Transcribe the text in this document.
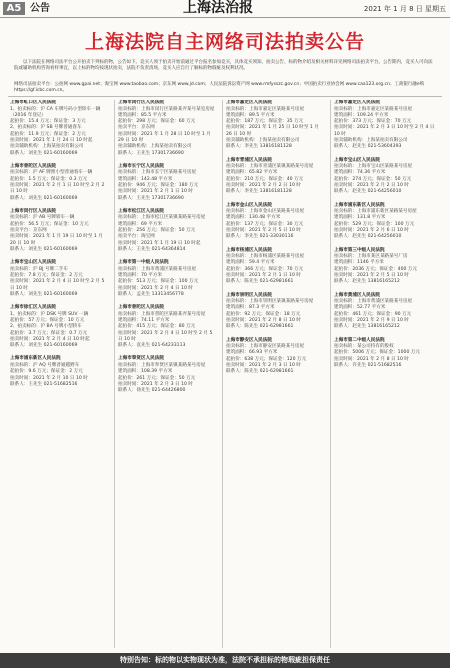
A5 公告	上海法治报	2021 年 1 月 8 日 星期五
上海法院自主网络司法拍卖公告
以下法院在网络司法平台公开拍卖下列标的物，公告如下。竞买人须于拍卖开始前通过平台报名参加竞买，具体竞买须知、拍卖公告、标的物介绍及相关材料详见网络司法拍卖平台。公告期内，竞买人可向法院或辅助机构咨询看样事宜，以上标的物均按现状拍卖，法院不负责清场，竞买人应自行了解标的物瑕疵及权利状况。
网络司法拍卖平台：公拍网 www.gpai.net；淘宝网 www.taobao.com；京东网 www.jd.com；人民法院诉讼资产网 www.rmfysszc.gov.cn；中国拍卖行业协会网 www.caa123.org.cn；工商银行融e购 https://gf.icbc.com.cn。
上海市虹口区人民法院
1、拍卖标的：沪 CA 车牌号码小型轿车一辆（2016 年登记）
起拍价：15.4 万元；保证金：3 万元
2、拍卖标的：沪 SB 号牌普通客车
起拍价：11.9 万元；保证金：2 万元
拍卖时间：2021 年 1 月 24 日 10 时起
拍卖辅助机构：上海某拍卖有限公司
联系人：刘先生 021-60160069
上海市普陀区人民法院
拍卖标的：沪 AF 牌照小型普通客车一辆
起拍价：1.5 万元；保证金：0.3 万元
拍卖时间：2021 年 2 月 1 日 10 时至 2 月 2 日 10 时
联系人：刘先生 021-60160069
上海市闵行区人民法院
拍卖标的：沪 AB 号牌轿车一辆
起拍价：56.5 万元；保证金：10 万元
拍卖平台：京东网
拍卖时间：2021 年 1 月 19 日 10 时至 1 月 20 日 10 时
联系人：刘先生 021-60160069
上海市宝山区人民法院
拍卖标的：沪 BJ 号牌二手车
起拍价：7.8 万元；保证金：2 万元
拍卖时间：2021 年 2 月 4 日 10 时至 2 月 5 日 10 时
联系人：刘先生 021-60160069
上海市徐汇区人民法院
1、拍卖标的：沪 DSK 号牌 SUV 一辆
起拍价：57 万元；保证金：10 万元
2、拍卖标的：沪 BA 号牌小型轿车
起拍价：3.7 万元；保证金：0.7 万元
拍卖时间：2021 年 2 月 4 日 10 时起
联系人：刘先生 021-60160069
上海市浦东新区人民法院
拍卖标的：沪 AQ 号牌普通越野车
起拍价：9.6 万元；保证金：2 万元
拍卖时间：2021 年 2 月 10 日 10 时
联系人：王先生 021-51682516
上海市闵行区人民法院
拍卖标的：上海市闵行区某路某弄某号某室房屋
建筑面积：85.5 平方米
起拍价：298 万元；保证金：60 万元
拍卖平台：京东网
拍卖时间：2021 年 1 月 28 日 10 时至 1 月 29 日 10 时
拍卖辅助机构：上海某拍卖有限公司
联系人：王先生 17301736690
上海市长宁区人民法院
拍卖标的：上海市长宁区某路某号房屋
建筑面积：142.48 平方米
起拍价：946 万元；保证金：180 万元
拍卖时间：2021 年 2 月 1 日 10 时
联系人：王先生 17301736690
上海市松江区人民法院
拍卖标的：上海市松江区某镇某路某号房屋
建筑面积：69 平方米
起拍价：256 万元；保证金：50 万元
拍卖平台：淘宝网
拍卖时间：2021 年 1 月 19 日 10 时起
联系人：王先生 021-64364814
上海市第一中级人民法院
拍卖标的：上海市黄浦区某路某号房屋
建筑面积：70 平方米
起拍价：513 万元；保证金：100 万元
拍卖时间：2021 年 2 月 4 日 10 时
联系人：孟先生 13313456778
上海市普陀区人民法院
拍卖标的：上海市普陀区某路某弄某号房屋
建筑面积：74.11 平方米
起拍价：415 万元；保证金：80 万元
拍卖时间：2021 年 2 月 4 日 10 时至 2 月 5 日 10 时
联系人：袁先生 021-64233113
上海市奉贤区人民法院
拍卖标的：上海市奉贤区某镇某路某号房屋
建筑面积：108.39 平方米
起拍价：261 万元；保证金：50 万元
拍卖时间：2021 年 2 月 3 日 10 时
联系人：徐先生 021-64426800
上海市嘉定区人民法院
拍卖标的：上海市嘉定区某路某号房屋
建筑面积：89.5 平方米
起拍价：187 万元；保证金：35 万元
拍卖时间：2021 年 1 月 25 日 10 时至 1 月 26 日 10 时
拍卖辅助机构：上海某拍卖有限公司
联系人：李先生 13816181128
上海市青浦区人民法院
拍卖标的：上海市青浦区某镇某路某号房屋
建筑面积：65.82 平方米
起拍价：210 万元；保证金：40 万元
拍卖时间：2021 年 2 月 2 日 10 时
联系人：李先生 13816181128
上海市金山区人民法院
拍卖标的：上海市金山区某路某号房屋
建筑面积：130.48 平方米
起拍价：137 万元；保证金：30 万元
拍卖时间：2021 年 2 月 5 日 10 时
联系人：李先生 021-33030116
上海市杨浦区人民法院
拍卖标的：上海市杨浦区某路某号房屋
建筑面积：59.4 平方米
起拍价：366 万元；保证金：70 万元
拍卖时间：2021 年 2 月 1 日 10 时
联系人：陈先生 021-62981661
上海市崇明区人民法院
拍卖标的：上海市崇明区某镇某路某号房屋
建筑面积：87.3 平方米
起拍价：92 万元；保证金：18 万元
拍卖时间：2021 年 2 月 8 日 10 时
联系人：陈先生 021-62981661
上海市静安区人民法院
拍卖标的：上海市静安区某路某号房屋
建筑面积：66.93 平方米
起拍价：638 万元；保证金：120 万元
拍卖时间：2021 年 2 月 3 日 10 时
联系人：陈先生 021-62981661
上海市嘉定区人民法院
拍卖标的：上海市嘉定区某路某号房屋
建筑面积：109.24 平方米
起拍价：373 万元；保证金：70 万元
拍卖时间：2021 年 2 月 3 日 10 时至 2 月 4 日 10 时
拍卖辅助机构：上海某拍卖有限公司
联系人：赵先生 021-53604393
上海市宝山区人民法院
拍卖标的：上海市宝山区某路某号房屋
建筑面积：74.36 平方米
起拍价：274 万元；保证金：50 万元
拍卖时间：2021 年 2 月 2 日 10 时
联系人：赵先生 021-64256010
上海市浦东新区人民法院
拍卖标的：上海市浦东新区某路某号房屋
建筑面积：131.8 平方米
起拍价：529 万元；保证金：100 万元
拍卖时间：2021 年 2 月 6 日 10 时
联系人：赵先生 021-64256010
上海市第三中级人民法院
拍卖标的：上海市某区某路某号厂房
建筑面积：1146 平方米
起拍价：2036 万元；保证金：400 万元
拍卖时间：2021 年 2 月 5 日 10 时
联系人：赵先生 13816165212
上海市黄浦区人民法院
拍卖标的：上海市黄浦区某路某号房屋
建筑面积：52.77 平方米
起拍价：461 万元；保证金：90 万元
拍卖时间：2021 年 2 月 9 日 10 时
联系人：赵先生 13816165212
上海市第二中级人民法院
拍卖标的：某公司持有的股权
起拍价：5006 万元；保证金：1000 万元
拍卖时间：2021 年 2 月 8 日 10 时
联系人：许先生 021-51682516
特别告知：标的物以实物现状为准，法院不承担标的物瑕疵担保责任
